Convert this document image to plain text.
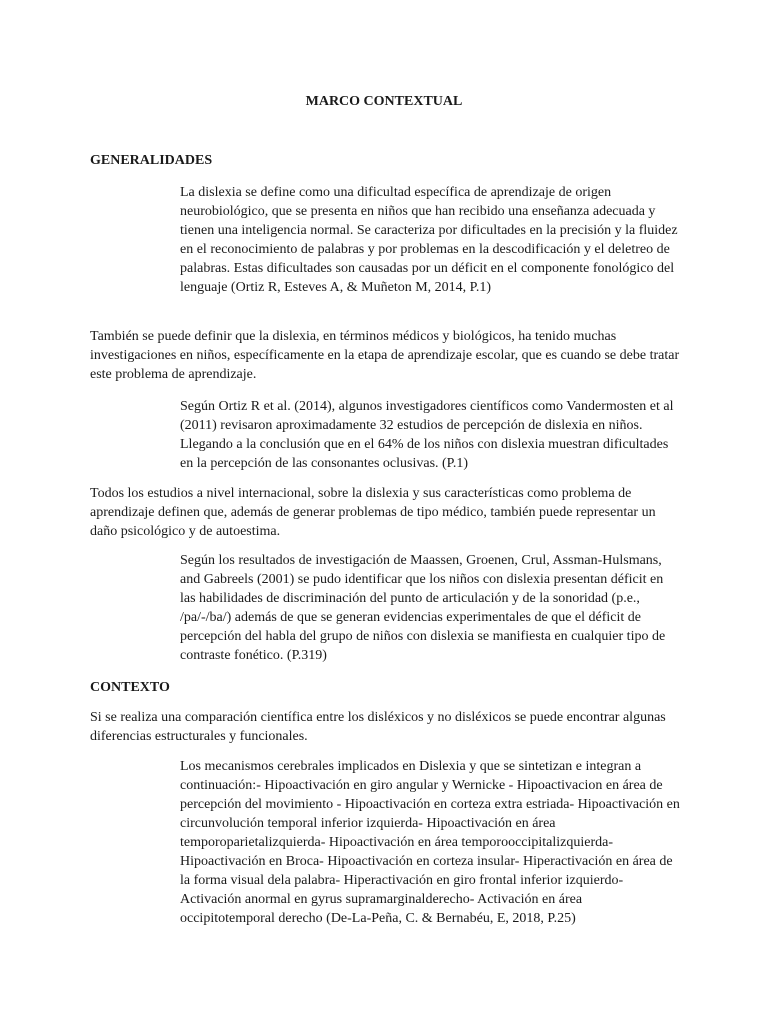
MARCO CONTEXTUAL
GENERALIDADES

La dislexia se define como una dificultad específica de aprendizaje de origen neurobiológico, que se presenta en niños que han recibido una enseñanza adecuada y tienen una inteligencia normal. Se caracteriza por dificultades en la precisión y la fluidez en el reconocimiento de palabras y por problemas en la descodificación y el deletreo de palabras. Estas dificultades son causadas por un déficit en el componente fonológico del lenguaje (Ortiz R, Esteves A, & Muñeton M, 2014, P.1)

También se puede definir que la dislexia, en términos médicos y biológicos, ha tenido muchas investigaciones en niños, específicamente en la etapa de aprendizaje escolar, que es cuando se debe tratar este problema de aprendizaje.

Según Ortiz R et al. (2014), algunos investigadores científicos como Vandermosten et al (2011) revisaron aproximadamente 32 estudios de percepción de dislexia en niños. Llegando a la conclusión que en el 64% de los niños con dislexia muestran dificultades en la percepción de las consonantes oclusivas. (P.1)

Todos los estudios a nivel internacional, sobre la dislexia y sus características como problema de aprendizaje definen que, además de generar problemas de tipo médico, también puede representar un daño psicológico y de autoestima.

Según los resultados de investigación de Maassen, Groenen, Crul, Assman-Hulsmans, and Gabreels (2001) se pudo identificar que los niños con dislexia presentan déficit en las habilidades de discriminación del punto de articulación y de la sonoridad (p.e., /pa/-/ba/) además de que se generan evidencias experimentales de que el déficit de percepción del habla del grupo de niños con dislexia se manifiesta en cualquier tipo de contraste fonético. (P.319)

CONTEXTO

Si se realiza una comparación científica entre los disléxicos y no disléxicos se puede encontrar algunas diferencias estructurales y funcionales.

Los mecanismos cerebrales implicados en Dislexia y que se sintetizan e integran a continuación:- Hipoactivación en giro angular y Wernicke - Hipoactivacion en área de percepción del movimiento - Hipoactivación en corteza extra estriada- Hipoactivación en circunvolución temporal inferior izquierda- Hipoactivación en área temporoparietalizquierda- Hipoactivación en área temporooccipitalizquierda- Hipoactivación en Broca- Hipoactivación en corteza insular- Hiperactivación en área de la forma visual dela palabra- Hiperactivación en giro frontal inferior izquierdo- Activación anormal en gyrus supramarginalderecho- Activación en área occipitotemporal derecho (De-La-Peña, C. & Bernabéu, E, 2018, P.25)
